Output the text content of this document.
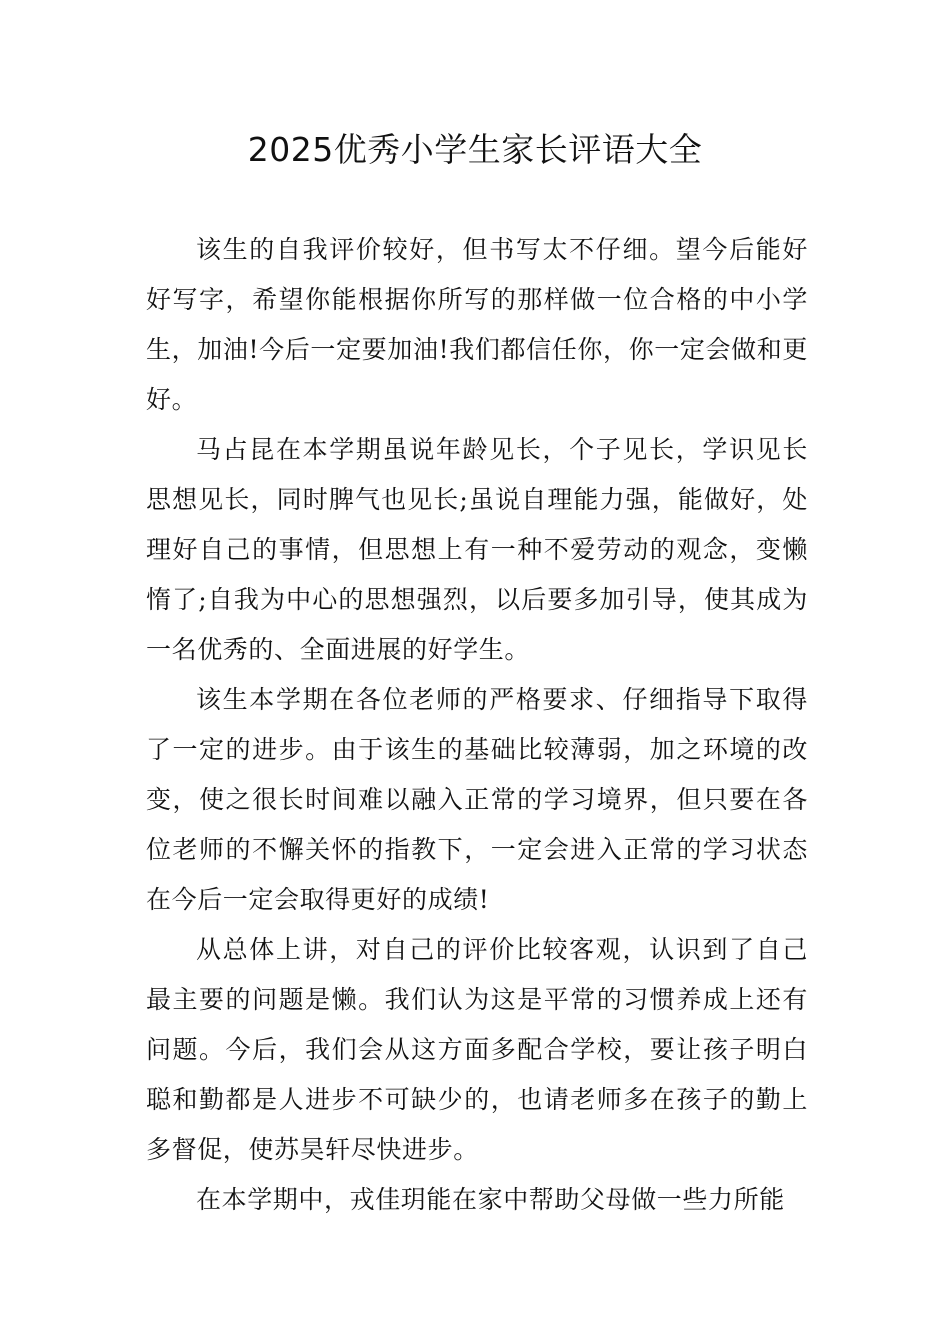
2025优秀小学生家长评语大全

该生的自我评价较好，但书写太不仔细。望今后能好好写字，希望你能根据你所写的那样做一位合格的中小学生，加油!今后一定要加油!我们都信任你，你一定会做和更好。

马占昆在本学期虽说年龄见长，个子见长，学识见长思想见长，同时脾气也见长;虽说自理能力强，能做好，处理好自己的事情，但思想上有一种不爱劳动的观念，变懒惰了;自我为中心的思想强烈，以后要多加引导，使其成为一名优秀的、全面进展的好学生。

该生本学期在各位老师的严格要求、仔细指导下取得了一定的进步。由于该生的基础比较薄弱，加之环境的改变，使之很长时间难以融入正常的学习境界，但只要在各位老师的不懈关怀的指教下，一定会进入正常的学习状态在今后一定会取得更好的成绩!

从总体上讲，对自己的评价比较客观，认识到了自己最主要的问题是懒。我们认为这是平常的习惯养成上还有问题。今后，我们会从这方面多配合学校，要让孩子明白聪和勤都是人进步不可缺少的，也请老师多在孩子的勤上多督促，使苏昊轩尽快进步。

在本学期中，戎佳玥能在家中帮助父母做一些力所能
